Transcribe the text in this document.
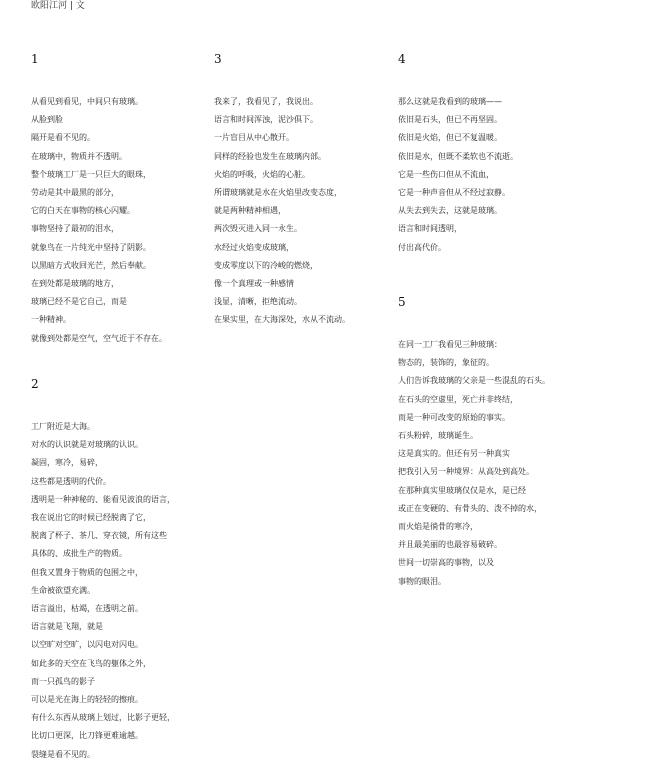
欧阳江河 | 文

1

从看见到看见，中间只有玻璃。
从脸到脸
隔开是看不见的。
在玻璃中，物质并不透明。
整个玻璃工厂是一只巨大的眼珠，
劳动是其中最黑的部分，
它的白天在事物的核心闪耀。
事物坚持了最初的泪水，
就象鸟在一片纯光中坚持了阴影。
以黑暗方式收回光芒，然后奉献。
在到处都是玻璃的地方，
玻璃已经不是它自己，而是
一种精神。
就像到处都是空气，空气近于不存在。

2

工厂附近是大海。
对水的认识就是对玻璃的认识。
凝固，寒冷，易碎，
这些都是透明的代价。
透明是一种神秘的、能看见波浪的语言，
我在说出它的时候已经脱离了它，
脱离了杯子、茶几、穿衣镜，所有这些
具体的、成批生产的物质。
但我又置身于物质的包围之中，
生命被欲望充满。
语言溢出，枯竭，在透明之前。
语言就是飞翔，就是
以空旷对空旷，以闪电对闪电。
如此多的天空在飞鸟的躯体之外，
而一只孤鸟的影子
可以是光在海上的轻轻的擦痕。
有什么东西从玻璃上划过，比影子更轻，
比切口更深，比刀锋更难逾越。
裂缝是看不见的。

3

我来了，我看见了，我说出。
语言和时间浑浊，泥沙俱下。
一片盲目从中心散开。
同样的经验也发生在玻璃内部。
火焰的呼吸，火焰的心脏。
所谓玻璃就是水在火焰里改变态度，
就是两种精神相遇，
两次毁灭进入同一永生。
水经过火焰变成玻璃，
变成零度以下的冷峻的燃烧，
像一个真理或一种感情
浅显，清晰，拒绝流动。
在果实里，在大海深处，水从不流动。

4

那么这就是我看到的玻璃——
依旧是石头，但已不再坚固。
依旧是火焰，但已不复温暖。
依旧是水，但既不柔软也不流逝。
它是一些伤口但从不流血，
它是一种声音但从不经过寂静。
从失去到失去，这就是玻璃。
语言和时间透明，
付出高代价。

5

在同一工厂我看见三种玻璃：
物态的，装饰的，象征的。
人们告诉我玻璃的父亲是一些混乱的石头。
在石头的空虚里，死亡并非终结，
而是一种可改变的原始的事实。
石头粉碎，玻璃诞生。
这是真实的。但还有另一种真实
把我引入另一种境界：从高处到高处。
在那种真实里玻璃仅仅是水，是已经
或正在变硬的、有骨头的、泼不掉的水，
而火焰是徜骨的寒冷，
并且最美丽的也最容易破碎。
世间一切崇高的事物，以及
事物的眼泪。
